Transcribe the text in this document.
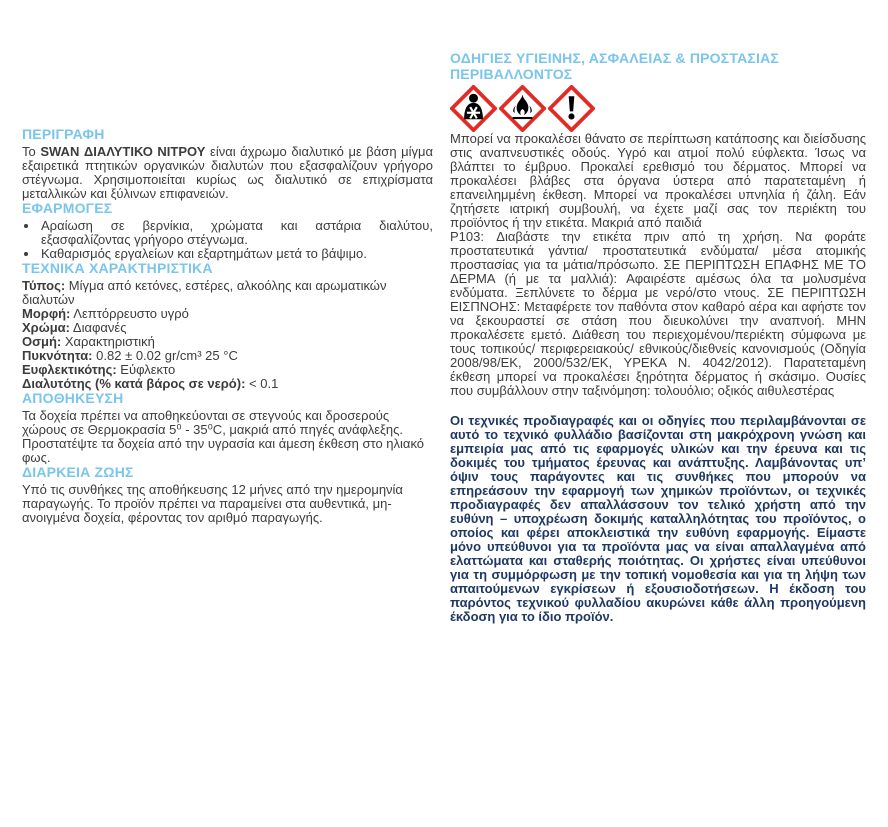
ΠΕΡΙΓΡΑΦΗ

Το SWAN ΔΙΑΛΥΤΙΚΟ ΝΙΤΡΟΥ είναι άχρωμο διαλυτικό με βάση μίγμα εξαιρετικά πτητικών οργανικών διαλυτών που εξασφαλίζουν γρήγορο στέγνωμα. Χρησιμοποιείται κυρίως ως διαλυτικό σε επιχρίσματα μεταλλικών και ξύλινων επιφανειών.

ΕΦΑΡΜΟΓΕΣ
• Αραίωση σε βερνίκια, χρώματα και αστάρια διαλύτου, εξασφαλίζοντας γρήγορο στέγνωμα.
• Καθαρισμός εργαλείων και εξαρτημάτων μετά το βάψιμο.
ΤΕΧΝΙΚΑ ΧΑΡΑΚΤΗΡΙΣΤΙΚΑ

Τύπος: Μίγμα από κετόνες, εστέρες, αλκοόλης και αρωματικών διαλυτών

Μορφή: Λεπτόρρευστο υγρό

Χρώμα: Διαφανές

Οσμή: Χαρακτηριστική

Πυκνότητα: 0.82 ± 0.02 gr/cm³ 25 °C

Ευφλεκτικότης: Εύφλεκτο

Διαλυτότης (% κατά βάρος σε νερό): < 0.1

ΑΠΟΘΗΚΕΥΣΗ

Τα δοχεία πρέπει να αποθηκεύονται σε στεγνούς και δροσερούς χώρους σε Θερμοκρασία 5⁰ - 35⁰C, μακριά από πηγές ανάφλεξης. Προστατέψτε τα δοχεία από την υγρασία και άμεση έκθεση στο ηλιακό φως.

ΔΙΑΡΚΕΙΑ ΖΩΗΣ

Υπό τις συνθήκες της αποθήκευσης 12 μήνες από την ημερομηνία παραγωγής. Το προϊόν πρέπει να παραμείνει στα αυθεντικά, μη-ανοιγμένα δοχεία, φέροντας τον αριθμό παραγωγής.

ΟΔΗΓΙΕΣ ΥΓΙΕΙΝΗΣ, ΑΣΦΑΛΕΙΑΣ & ΠΡΟΣΤΑΣΙΑΣ ΠΕΡΙΒΑΛΛΟΝΤΟΣ

Μπορεί να προκαλέσει θάνατο σε περίπτωση κατάποσης και διείσδυσης στις αναπνευστικές οδούς. Υγρό και ατμοί πολύ εύφλεκτα. Ίσως να βλάπτει το έμβρυο. Προκαλεί ερεθισμό του δέρματος. Μπορεί να προκαλέσει βλάβες στα όργανα ύστερα από παρατεταμένη ή επανειλημμένη έκθεση. Μπορεί να προκαλέσει υπνηλία ή ζάλη. Εάν ζητήσετε ιατρική συμβουλή, να έχετε μαζί σας τον περιέκτη του προϊόντος ή την ετικέτα. Μακριά από παιδιά

P103: Διαβάστε την ετικέτα πριν από τη χρήση. Να φοράτε προστατευτικά γάντια/ προστατευτικά ενδύματα/ μέσα ατομικής προστασίας για τα μάτια/πρόσωπο. ΣΕ ΠΕΡΙΠΤΩΣΗ ΕΠΑΦΗΣ ΜΕ ΤΟ ΔΕΡΜΑ (ή με τα μαλλιά): Αφαιρέστε αμέσως όλα τα μολυσμένα ενδύματα. Ξεπλύνετε το δέρμα με νερό/στο ντους. ΣΕ ΠΕΡΙΠΤΩΣΗ ΕΙΣΠΝΟΗΣ: Μεταφέρετε τον παθόντα στον καθαρό αέρα και αφήστε τον να ξεκουραστεί σε στάση που διευκολύνει την αναπνοή. ΜΗΝ προκαλέσετε εμετό. Διάθεση του περιεχομένου/περιέκτη σύμφωνα με τους τοπικούς/ περιφερειακούς/ εθνικούς/διεθνείς κανονισμούς (Οδηγία 2008/98/ΕΚ, 2000/532/ΕΚ, ΥΡΕΚΑ Ν. 4042/2012). Παρατεταμένη έκθεση μπορεί να προκαλέσει ξηρότητα δέρματος ή σκάσιμο. Ουσίες που συμβάλλουν στην ταξινόμηση: τολουόλιο; οξικός αιθυλεστέρας

Οι τεχνικές προδιαγραφές και οι οδηγίες που περιλαμβάνονται σε αυτό το τεχνικό φυλλάδιο βασίζονται στη μακρόχρονη γνώση και εμπειρία μας από τις εφαρμογές υλικών και την έρευνα και τις δοκιμές του τμήματος έρευνας και ανάπτυξης. Λαμβάνοντας υπ’ όψιν τους παράγοντες και τις συνθήκες που μπορούν να επηρεάσουν την εφαρμογή των χημικών προϊόντων, οι τεχνικές προδιαγραφές δεν απαλλάσσουν τον τελικό χρήστη από την ευθύνη – υποχρέωση δοκιμής καταλληλότητας του προϊόντος, ο οποίος και φέρει αποκλειστικά την ευθύνη εφαρμογής. Είμαστε μόνο υπεύθυνοι για τα προϊόντα μας να είναι απαλλαγμένα από ελαττώματα και σταθερής ποιότητας. Οι χρήστες είναι υπεύθυνοι για τη συμμόρφωση με την τοπική νομοθεσία και για τη λήψη των απαιτούμενων εγκρίσεων ή εξουσιοδοτήσεων. Η έκδοση του παρόντος τεχνικού φυλλαδίου ακυρώνει κάθε άλλη προηγούμενη έκδοση για το ίδιο προϊόν.
